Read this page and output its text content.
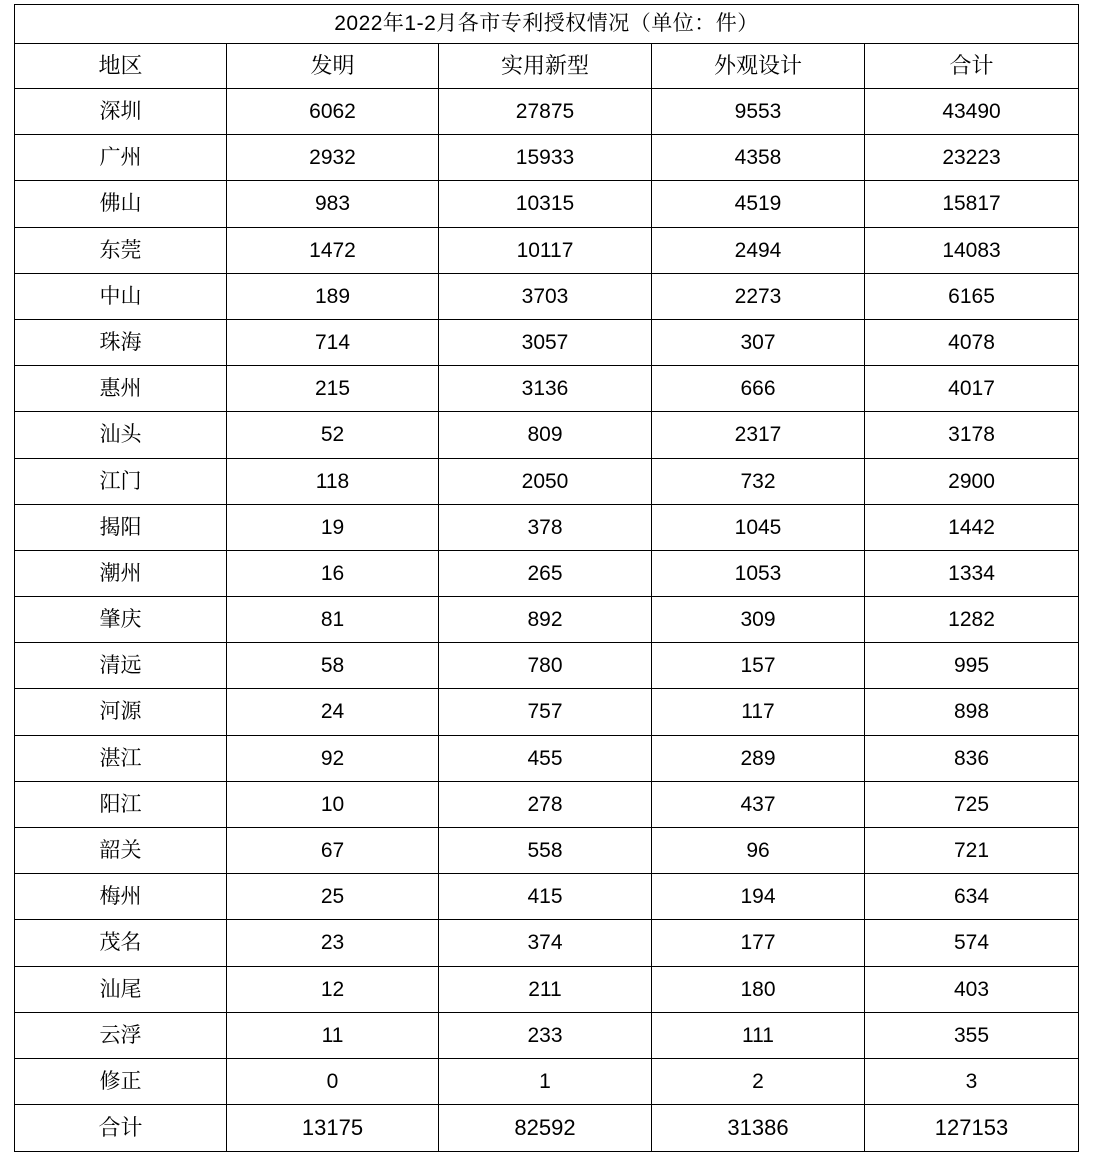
2022年1-2月各市专利授权情况（单位：件）				
地区	发明	实用新型	外观设计	合计
深圳	6062	27875	9553	43490
广州	2932	15933	4358	23223
佛山	983	10315	4519	15817
东莞	1472	10117	2494	14083
中山	189	3703	2273	6165
珠海	714	3057	307	4078
惠州	215	3136	666	4017
汕头	52	809	2317	3178
江门	118	2050	732	2900
揭阳	19	378	1045	1442
潮州	16	265	1053	1334
肇庆	81	892	309	1282
清远	58	780	157	995
河源	24	757	117	898
湛江	92	455	289	836
阳江	10	278	437	725
韶关	67	558	96	721
梅州	25	415	194	634
茂名	23	374	177	574
汕尾	12	211	180	403
云浮	11	233	111	355
修正	0	1	2	3
合计	13175	82592	31386	127153
